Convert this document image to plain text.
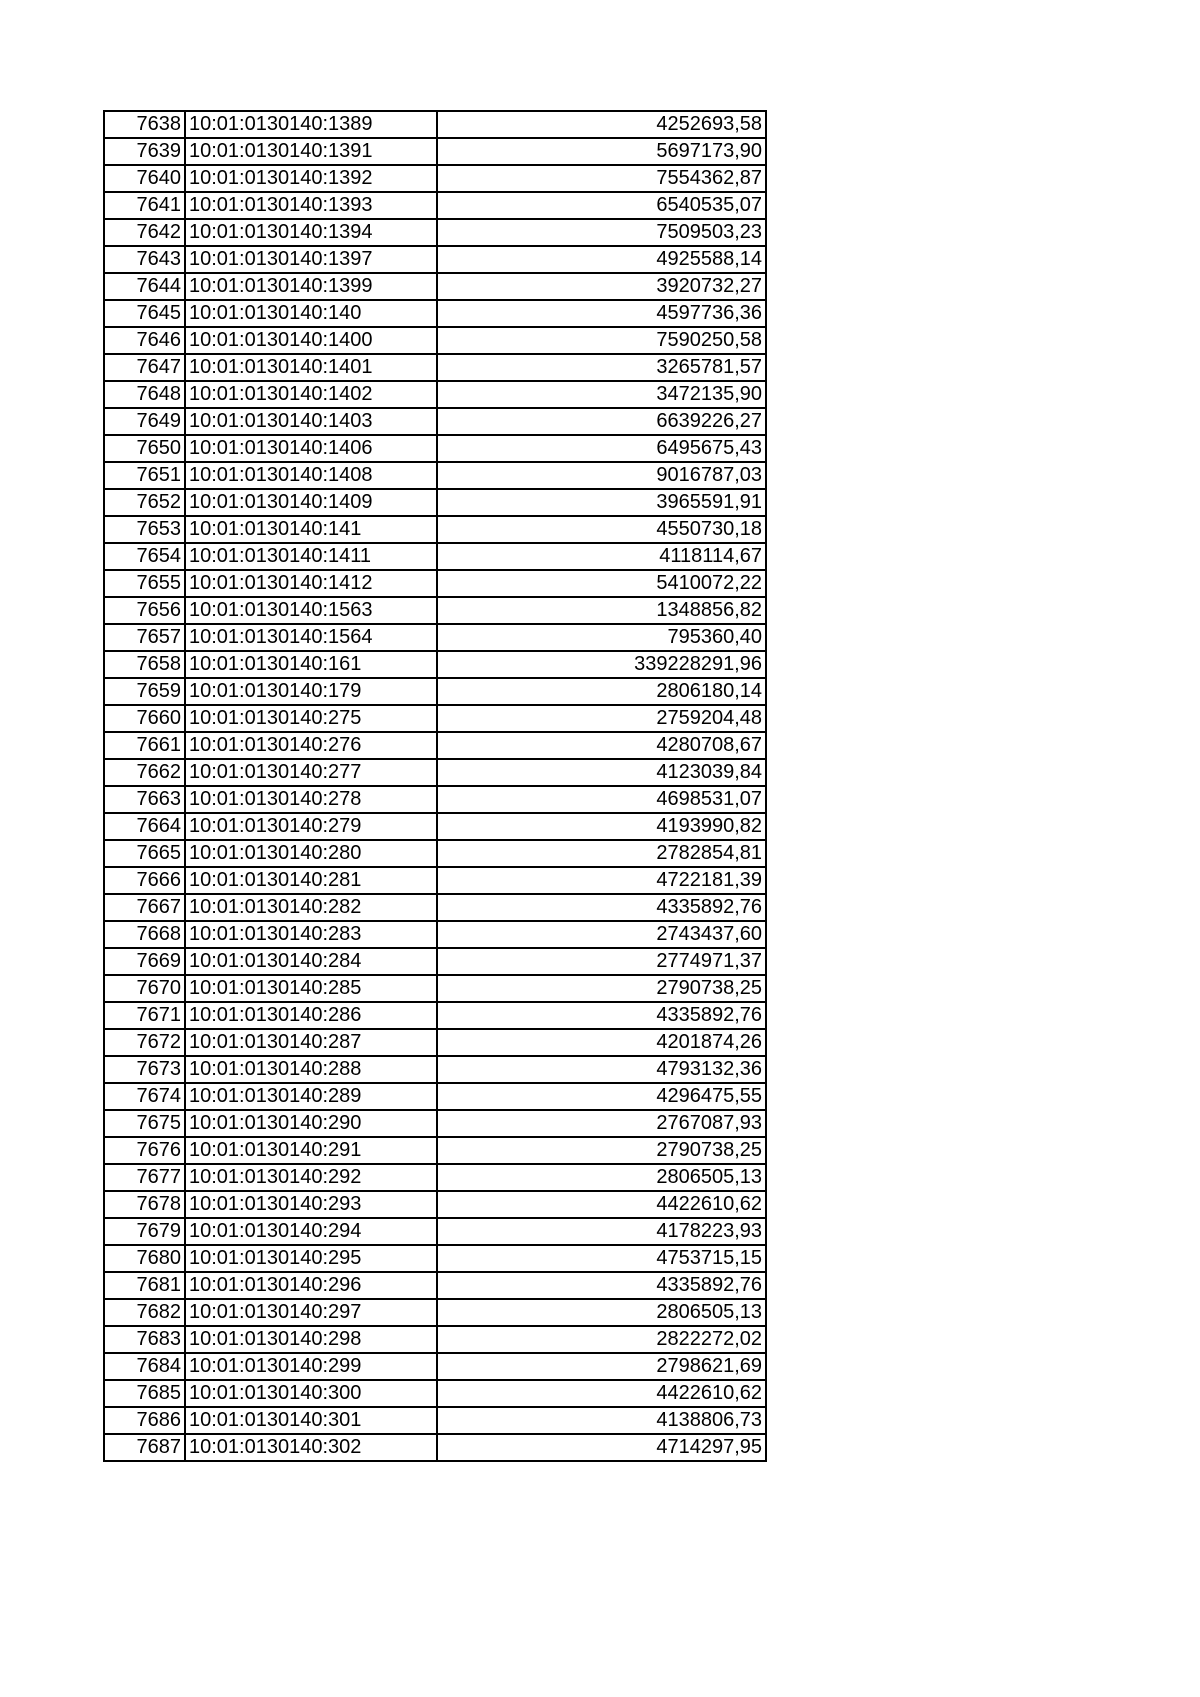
7638	10:01:0130140:1389	4252693,58
7639	10:01:0130140:1391	5697173,90
7640	10:01:0130140:1392	7554362,87
7641	10:01:0130140:1393	6540535,07
7642	10:01:0130140:1394	7509503,23
7643	10:01:0130140:1397	4925588,14
7644	10:01:0130140:1399	3920732,27
7645	10:01:0130140:140	4597736,36
7646	10:01:0130140:1400	7590250,58
7647	10:01:0130140:1401	3265781,57
7648	10:01:0130140:1402	3472135,90
7649	10:01:0130140:1403	6639226,27
7650	10:01:0130140:1406	6495675,43
7651	10:01:0130140:1408	9016787,03
7652	10:01:0130140:1409	3965591,91
7653	10:01:0130140:141	4550730,18
7654	10:01:0130140:1411	4118114,67
7655	10:01:0130140:1412	5410072,22
7656	10:01:0130140:1563	1348856,82
7657	10:01:0130140:1564	795360,40
7658	10:01:0130140:161	339228291,96
7659	10:01:0130140:179	2806180,14
7660	10:01:0130140:275	2759204,48
7661	10:01:0130140:276	4280708,67
7662	10:01:0130140:277	4123039,84
7663	10:01:0130140:278	4698531,07
7664	10:01:0130140:279	4193990,82
7665	10:01:0130140:280	2782854,81
7666	10:01:0130140:281	4722181,39
7667	10:01:0130140:282	4335892,76
7668	10:01:0130140:283	2743437,60
7669	10:01:0130140:284	2774971,37
7670	10:01:0130140:285	2790738,25
7671	10:01:0130140:286	4335892,76
7672	10:01:0130140:287	4201874,26
7673	10:01:0130140:288	4793132,36
7674	10:01:0130140:289	4296475,55
7675	10:01:0130140:290	2767087,93
7676	10:01:0130140:291	2790738,25
7677	10:01:0130140:292	2806505,13
7678	10:01:0130140:293	4422610,62
7679	10:01:0130140:294	4178223,93
7680	10:01:0130140:295	4753715,15
7681	10:01:0130140:296	4335892,76
7682	10:01:0130140:297	2806505,13
7683	10:01:0130140:298	2822272,02
7684	10:01:0130140:299	2798621,69
7685	10:01:0130140:300	4422610,62
7686	10:01:0130140:301	4138806,73
7687	10:01:0130140:302	4714297,95
